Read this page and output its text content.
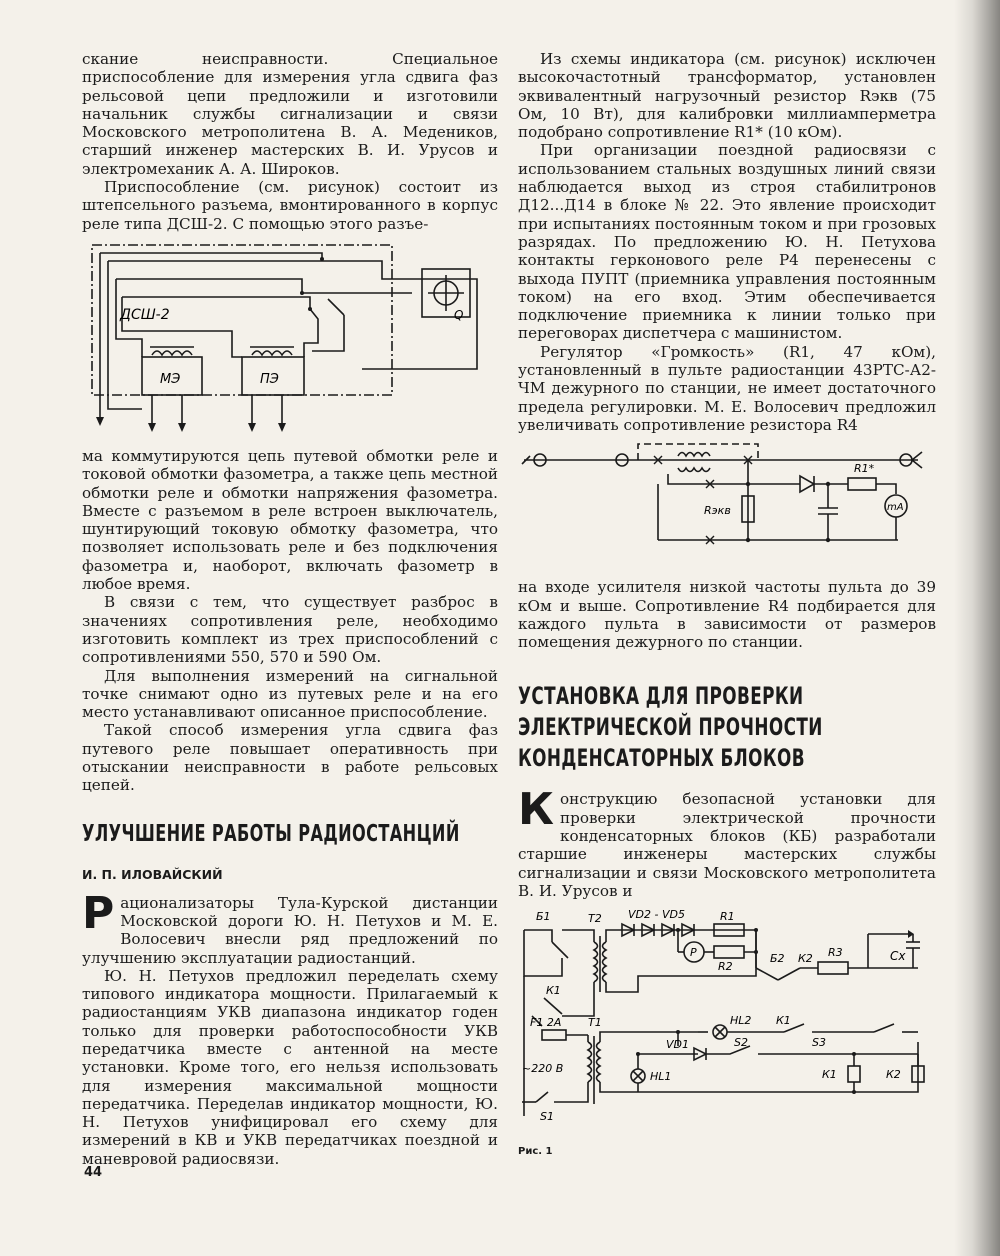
скание неисправности. Специальное приспособление для измерения угла сдвига фаз рельсовой цепи предложили и изготовили начальник службы сигнализации и связи Московского метрополитена В. А. Медеников, старший инженер мастерских В. И. Урусов и электромеханик А. А. Широков.

Приспособление (см. рисунок) состоит из штепсельного разъема, вмонтированного в корпус реле типа ДСШ-2. С помощью этого разъе-

ДСШ-2
МЭ	ПЭ
Q

ма коммутируются цепь путевой обмотки реле и токовой обмотки фазометра, а также цепь местной обмотки реле и обмотки напряжения фазометра. Вместе с разъемом в реле встроен выключатель, шунтирующий токовую обмотку фазометра, что позволяет использовать реле и без подключения фазометра и, наоборот, включать фазометр в любое время.

В связи с тем, что существует разброс в значениях сопротивления реле, необходимо изготовить комплект из трех приспособлений с сопротивлениями 550, 570 и 590 Ом.

Для выполнения измерений на сигнальной точке снимают одно из путевых реле и на его место устанавливают описанное приспособление.

Такой способ измерения угла сдвига фаз путевого реле повышает оперативность при отыскании неисправности в работе рельсовых цепей.

УЛУЧШЕНИЕ РАБОТЫ РАДИОСТАНЦИЙ
И. П. ИЛОВАЙСКИЙ

Рационализаторы Тула-Курской дистанции Московской дороги Ю. Н. Петухов и М. Е. Волосевич внесли ряд предложений по улучшению эксплуатации радиостанций.

Ю. Н. Петухов предложил переделать схему типового индикатора мощности. Прилагаемый к радиостанциям УКВ диапазона индикатор годен только для проверки работоспособности УКВ передатчика вместе с антенной на месте установки. Кроме того, его нельзя использовать для измерения максимальной мощности передатчика. Переделав индикатор мощности, Ю. Н. Петухов унифицировал его схему для измерений в КВ и УКВ передатчиках поездной и маневровой радиосвязи.

Из схемы индикатора (см. рисунок) исключен высокочастотный трансформатор, установлен эквивалентный нагрузочный резистор Rэкв (75 Ом, 10 Вт), для калибровки миллиамперметра подобрано сопротивление R1* (10 кОм).

При организации поездной радиосвязи с использованием стальных воздушных линий связи наблюдается выход из строя стабилитронов Д12...Д14 в блоке № 22. Это явление происходит при испытаниях постоянным током и при грозовых разрядах. По предложению Ю. Н. Петухова контакты герконового реле Р4 перенесены с выхода ПУПТ (приемника управления постоянным током) на его вход. Этим обеспечивается подключение приемника к линии только при переговорах диспетчера с машинистом.

Регулятор «Громкость» (R1, 47 кОм), установленный в пульте радиостанции 43РТС-А2-ЧМ дежурного по станции, не имеет достаточного предела регулировки. М. Е. Волосевич предложил увеличивать сопротивление резистора R4

R1*
Rэкв	mA

на входе усилителя низкой частоты пульта до 39 кОм и выше. Сопротивление R4 подбирается для каждого пульта в зависимости от размеров помещения дежурного по станции.

УСТАНОВКА ДЛЯ ПРОВЕРКИ
ЭЛЕКТРИЧЕСКОЙ ПРОЧНОСТИ
КОНДЕНСАТОРНЫХ БЛОКОВ

Конструкцию безопасной установки для проверки электрической прочности конденсаторных блоков (КБ) разработали старшие инженеры мастерских службы сигнализации и связи Московского метрополитета В. И. Урусов и

Б1	Т2 VD2 - VD5	R1
P
R2
Б2 К2 R3	Cx
К1
F1 2A Т1
VD1
HL2 К1
S2	S3
~220 В
HL1	К1	К2
S1
Рис. 1
44
